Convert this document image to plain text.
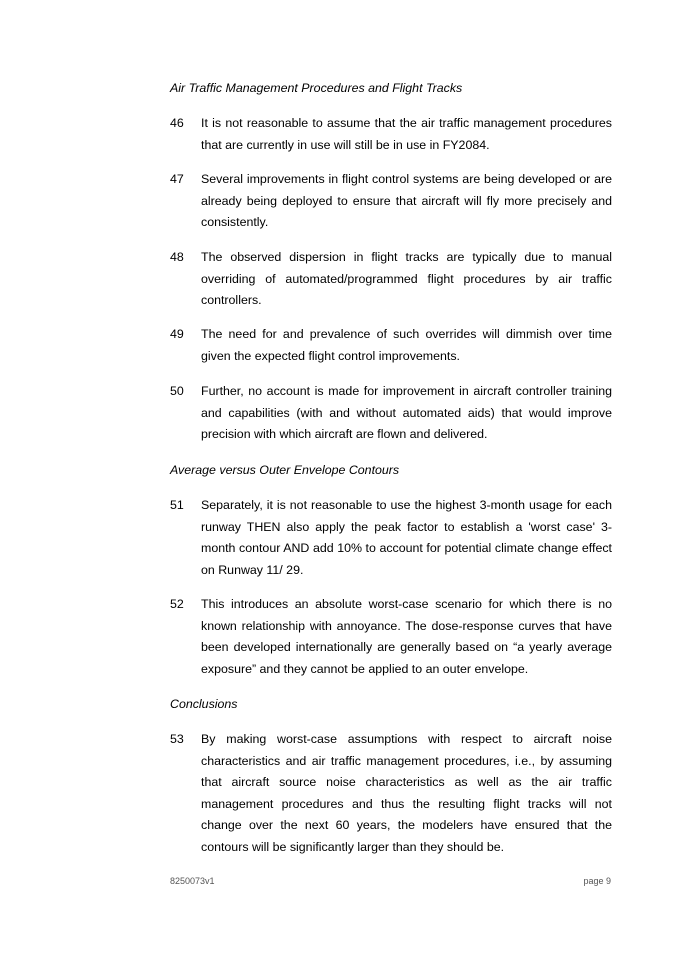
Air Traffic Management Procedures and Flight Tracks
46 It is not reasonable to assume that the air traffic management procedures that are currently in use will still be in use in FY2084.
47 Several improvements in flight control systems are being developed or are already being deployed to ensure that aircraft will fly more precisely and consistently.
48 The observed dispersion in flight tracks are typically due to manual overriding of automated/programmed flight procedures by air traffic controllers.
49 The need for and prevalence of such overrides will dimmish over time given the expected flight control improvements.
50 Further, no account is made for improvement in aircraft controller training and capabilities (with and without automated aids) that would improve precision with which aircraft are flown and delivered.
Average versus Outer Envelope Contours
51 Separately, it is not reasonable to use the highest 3-month usage for each runway THEN also apply the peak factor to establish a 'worst case' 3-month contour AND add 10% to account for potential climate change effect on Runway 11/ 29.
52 This introduces an absolute worst-case scenario for which there is no known relationship with annoyance. The dose-response curves that have been developed internationally are generally based on “a yearly average exposure” and they cannot be applied to an outer envelope.
Conclusions
53 By making worst-case assumptions with respect to aircraft noise characteristics and air traffic management procedures, i.e., by assuming that aircraft source noise characteristics as well as the air traffic management procedures and thus the resulting flight tracks will not change over the next 60 years, the modelers have ensured that the contours will be significantly larger than they should be.
8250073v1	page 9
